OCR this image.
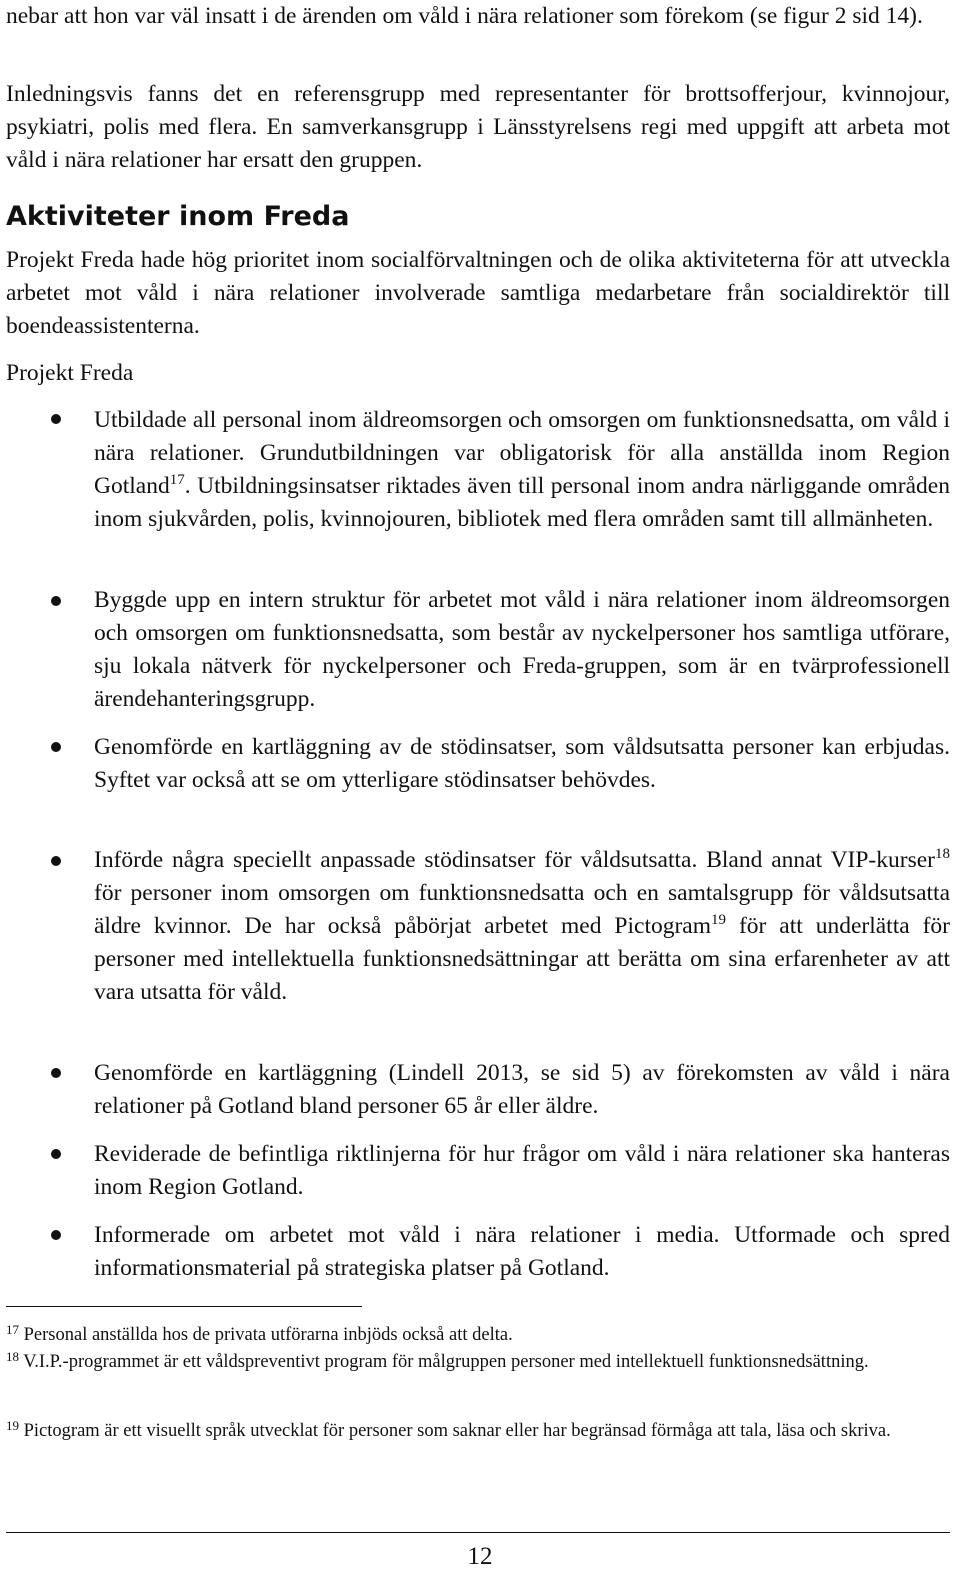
nebar att hon var väl insatt i de ärenden om våld i nära relationer som förekom (se figur 2 sid 14).

Inledningsvis fanns det en referensgrupp med representanter för brottsofferjour, kvinnojour, psykiatri, polis med flera. En samverkansgrupp i Länsstyrelsens regi med uppgift att arbeta mot våld i nära relationer har ersatt den gruppen.

Aktiviteter inom Freda

Projekt Freda hade hög prioritet inom socialförvaltningen och de olika aktiviteterna för att utveckla arbetet mot våld i nära relationer involverade samtliga medarbetare från socialdirektör till boendeassistenterna.

Projekt Freda

Utbildade all personal inom äldreomsorgen och omsorgen om funktionsnedsatta, om våld i nära relationer. Grundutbildningen var obligatorisk för alla anställda inom Region Gotland$^{17}$. Utbildningsinsatser riktades även till personal inom andra närliggande områden inom sjukvården, polis, kvinnojouren, bibliotek med flera områden samt till allmänheten.
Byggde upp en intern struktur för arbetet mot våld i nära relationer inom äldreomsorgen och omsorgen om funktionsnedsatta, som består av nyckelpersoner hos samtliga utförare, sju lokala nätverk för nyckelpersoner och Freda-gruppen, som är en tvärprofessionell ärendehanteringsgrupp.
Genomförde en kartläggning av de stödinsatser, som våldsutsatta personer kan erbjudas. Syftet var också att se om ytterligare stödinsatser behövdes.
Införde några speciellt anpassade stödinsatser för våldsutsatta. Bland annat VIP-kurser$^{18}$ för personer inom omsorgen om funktionsnedsatta och en samtalsgrupp för våldsutsatta äldre kvinnor. De har också påbörjat arbetet med Pictogram$^{19}$ för att underlätta för personer med intellektuella funktionsnedsättningar att berätta om sina erfarenheter av att vara utsatta för våld.
Genomförde en kartläggning (Lindell 2013, se sid 5) av förekomsten av våld i nära relationer på Gotland bland personer 65 år eller äldre.
Reviderade de befintliga riktlinjerna för hur frågor om våld i nära relationer ska hanteras inom Region Gotland.
Informerade om arbetet mot våld i nära relationer i media. Utformade och spred informationsmaterial på strategiska platser på Gotland.

$^{17}$ Personal anställda hos de privata utförarna inbjöds också att delta.

$^{18}$ V.I.P.-programmet är ett våldspreventivt program för målgruppen personer med intellektuell funktionsnedsättning.

$^{19}$ Pictogram är ett visuellt språk utvecklat för personer som saknar eller har begränsad förmåga att tala, läsa och skriva.

12
